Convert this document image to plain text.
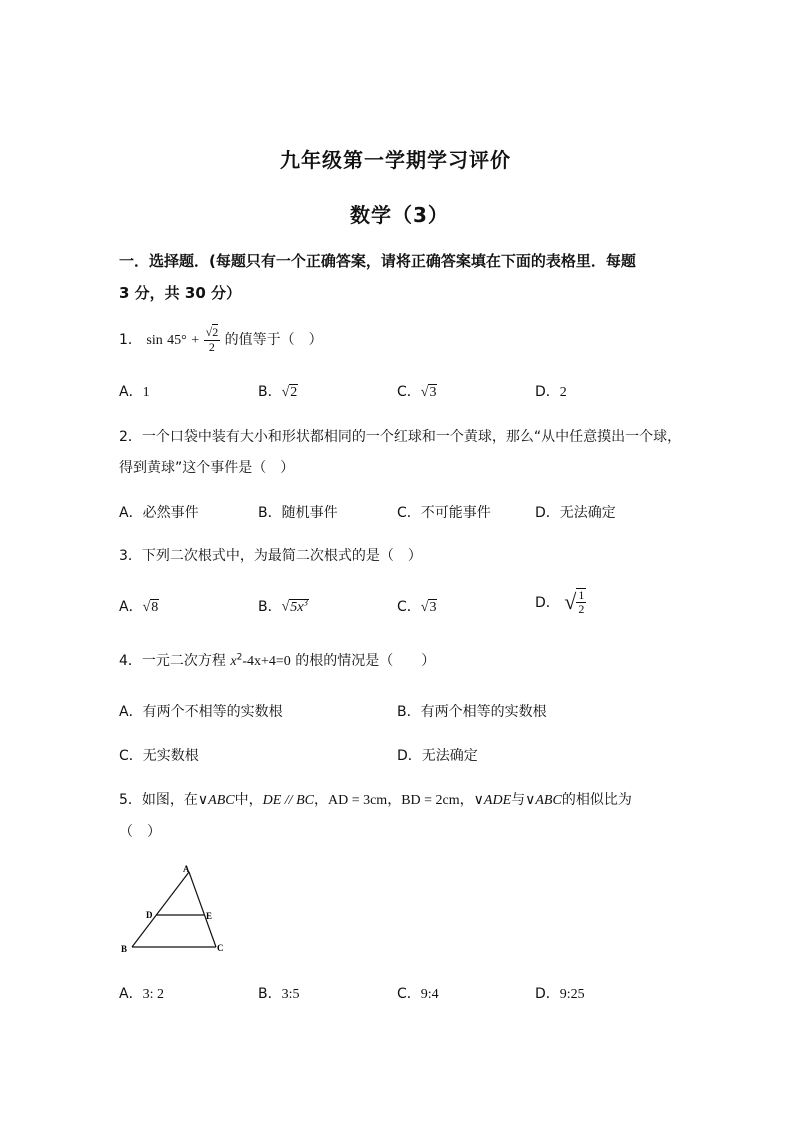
九年级第一学期学习评价
数学（3）
一．选择题．(每题只有一个正确答案，请将正确答案填在下面的表格里．每题
3 分，共 30 分）
1． $\sin 45^\circ + \frac{√2}{2}$ 的值等于（　）
A．1	B．√2	C．√3	D．2
2．一个口袋中装有大小和形状都相同的一个红球和一个黄球，那么“从中任意摸出一个球，
得到黄球”这个事件是（　）
A．必然事件	B．随机事件	C．不可能事件	D．无法确定
3．下列二次根式中，为最简二次根式的是（　）
A．√8	B．$√5x^3$	C．√3	D． √ $\frac{1}{2}$
4．一元二次方程 $x^2-4x+4=0$ 的根的情况是（　　）
A．有两个不相等的实数根	B．有两个相等的实数根
C．无实数根	D．无法确定
5．如图，在∨ABC中，DE // BC，AD = 3cm，BD = 2cm，∨ADE与∨ABC的相似比为
（　）
A
D	E
B	C
A．3: 2	B．3:5	C．9:4	D．9:25
